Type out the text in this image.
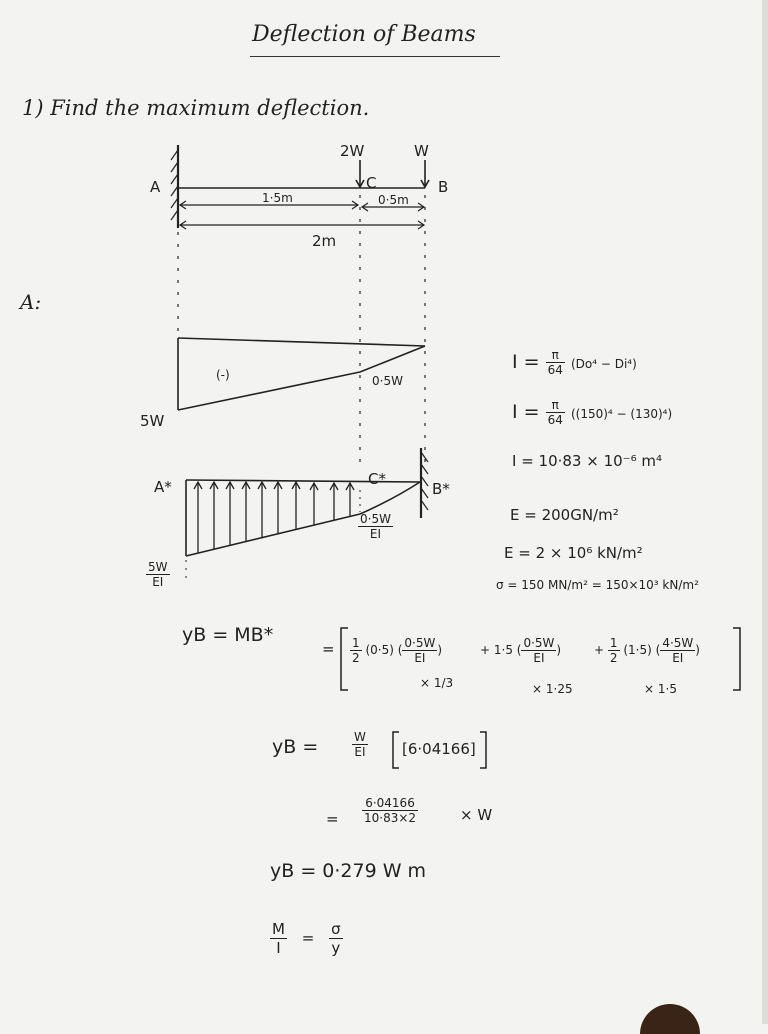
Deflection of Beams
1) Find the maximum deflection.
A:
A	B
C
2W	W
1·5m	0·5m
2m
(-)
5W
0·5W
A*	B*
C*
$\frac{0\cdot 5W}{EI}$
$\frac{5W}{EI}$
$I = \frac{\pi}{64} (Do^4 - Di^4)$
$I = \frac{\pi}{64} ((150)^4 - (130)^4)$
I = 10·83 × 10⁻⁶ m⁴
E = 200GN/m²
E = 2 × 10⁶ kN/m²
σ = 150 MN/m² = 150×10³ kN/m²
yB = MB*
= $\frac{1}{2} (0\cdot 5)$ ( $\frac{0\cdot 5W}{EI}$ )	+ 1·5 ( $\frac{0\cdot 5W}{EI}$ )	+ $\frac{1}{2} (1\cdot 5)$ ( $\frac{4\cdot 5W}{EI}$ )
× 1/3	× 1·25	× 1·5
yB =	$\frac{W}{EI} [6\cdot 04166]$
= $\frac{6\cdot 04166}{10\cdot 83\times 2}$	× W
yB = 0·279 W m
$\frac{M}{I} = \frac{\sigma}{y}$
